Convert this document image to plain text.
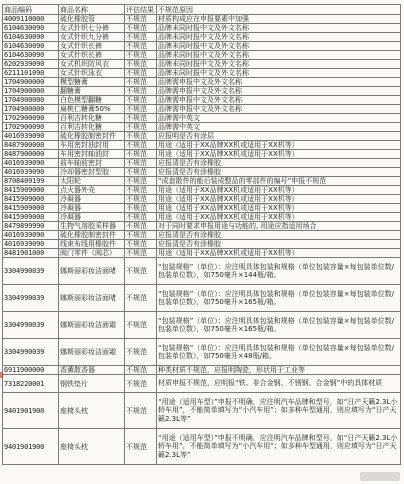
商品编码	商品名称	评估结果	不规范原因
4009110000	硫化橡胶管	不规范	材质构成应在申报要素中加强
6104630090	女式针织七分裤	不规范	品牌未同时报中文及外文名称
6104630090	女式针织九分裤	不规范	品牌未同时报中文及外文名称
6104630090	女式针织长裤	不规范	品牌未同时报中文及外文名称
6104630090	女式针织长裤	不规范	品牌未同时报中文及外文名称
6202939090	女式机织防风衣	不规范	品牌未同时报中文及外文名称
6211101090	女式针织泳衣	不规范	品牌未同时报中文及外文名称
1704900000	模型糖膏	不规范	品牌需申报中文及外文名称
1704900000	翻糖膏	不规范	品牌需申报中文及外文名称
1704900000	白色模型翻糖	不规范	品牌需申报中文及外文名称
1704900000	扁桃仁糖膏50%	不规范	品牌需申报中文及外文名称
1702900090	百利吉转化糖	不规范	品牌需中英文
1702900090	百利吉转化糖	不规范	品牌需中英文
4016939090	硫化橡胶制密封件	不规范	应报明是否有涂层
8487900000	车用密封油封用	不规范	用途（适用于XX品牌XX机或适用于XX机等）
8487900000	车用密封轴油封	不规范	用途（适用于XX品牌XX机或适用于XX机等）
4016939090	前车轴前密封	不规范	应报清是否有涂橡胶
4016939090	冷却器密封型胶	不规范	应报清是否有涂橡胶
8708409199	太阳轮	不规范	“成套散件的能后装成整品的零部件的编号”申报不规范
8415909000	点火器外壳	不规范	用途（适用于XX品牌XX机或适用于XX机等）
8415909000	冷凝器	不规范	用途（适用于XX品牌XX机或适用于XX机等）
8415909000	冷凝器	不规范	用途（适用于XX品牌XX机或适用于XX机等）
8415909000	冷凝器	不规范	用途（适用于XX品牌XX机或适用于XX机等）
8479899990	生物气溶胶采样器	不规范	对于同时要求申报用途与功能的, 用途应指适用场合
4016939090	硫化橡胶制密封件	不规范	应报清是否有涂橡胶
4016939090	线束布线用橡胶件	不规范	应报清是否有涂橡胶
8481901000	阀门零件（阀芯）	不规范	用途（适用于XX品牌XX机或适用于XX机等）
3304990039	娜斯丽彩妆洁面啫	不规范	“包装规格”（单位）：应注明具体包装和规格（单位包装容量×每包装单位数/包装单位数），如750毫升×144瓶/箱。
3304990039	娜斯丽彩妆洁面啫	不规范	“包装规格”（单位）：应注明具体包装和规格（单位包装容量×每包装单位数/包装单位数），如750毫升×165瓶/箱。
3304990039	娜斯丽彩妆洁面霜	不规范	“包装规格”（单位）：应注明具体包装和规格（单位包装容量×每包装单位数/包装单位数），如750毫升×165瓶/箱。
3304990039	娜斯丽彩妆洁面霜	不规范	“包装规格”（单位）：应注明具体包装和规格（单位包装容量×每包装单位数/包装单位数），如750毫升×48瓶/箱。
6911900000	香薰散香器	不规范	种类材质不规范，应报明陶瓷，形状用于工业等
7318220001	钢铁垫片	不规范	材质申报不规范，应明报“铁、非合金钢、不锈钢、合金钢”中的具体材质
9401901900	座椅头枕	不规范	“用途（适用车型）”申报不明确，应注明汽车品牌和型号，如“日产天籁2.3L小轿车用”，不能简单填写为“小汽车用”；如多种车型通用，则应填写为“日产天籁2.3L等”
9401901900	座椅头枕	不规范	“用途（适用车型）”申报不明确，应注明汽车品牌和型号，如“日产天籁2.3L小轿车用”，不能简单填写为“小汽车用”；如多种车型通用，则应填写为“日产天籁2.3L等”
